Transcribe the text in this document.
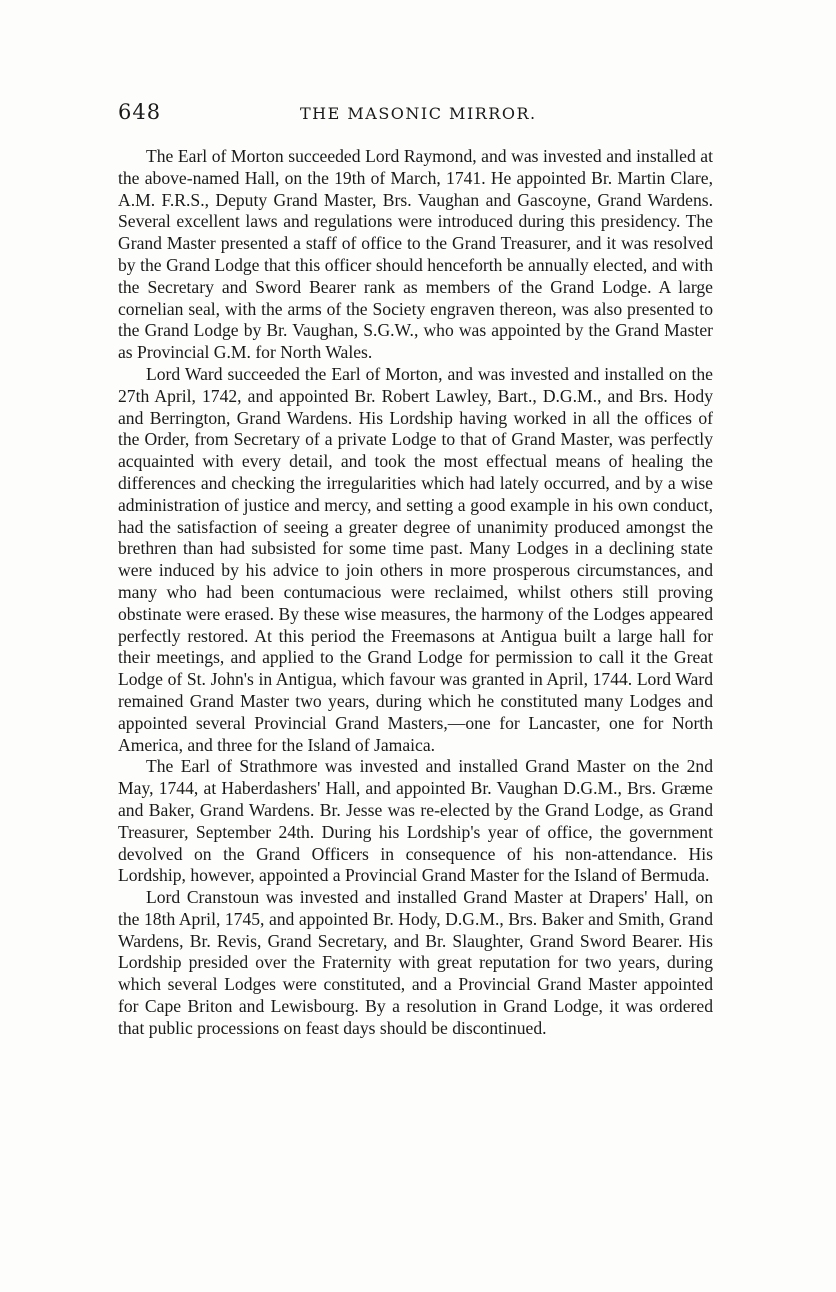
648	THE MASONIC MIRROR.

The Earl of Morton succeeded Lord Raymond, and was invested and installed at the above-named Hall, on the 19th of March, 1741. He appointed Br. Martin Clare, A.M. F.R.S., Deputy Grand Master, Brs. Vaughan and Gascoyne, Grand Wardens. Several excellent laws and regulations were introduced during this presidency. The Grand Master presented a staff of office to the Grand Treasurer, and it was resolved by the Grand Lodge that this officer should henceforth be annually elected, and with the Secretary and Sword Bearer rank as members of the Grand Lodge. A large cornelian seal, with the arms of the Society engraven thereon, was also presented to the Grand Lodge by Br. Vaughan, S.G.W., who was appointed by the Grand Master as Provincial G.M. for North Wales.

Lord Ward succeeded the Earl of Morton, and was invested and installed on the 27th April, 1742, and appointed Br. Robert Lawley, Bart., D.G.M., and Brs. Hody and Berrington, Grand Wardens. His Lordship having worked in all the offices of the Order, from Secretary of a private Lodge to that of Grand Master, was perfectly acquainted with every detail, and took the most effectual means of healing the differences and checking the irregularities which had lately occurred, and by a wise administration of justice and mercy, and setting a good example in his own conduct, had the satisfaction of seeing a greater degree of unanimity produced amongst the brethren than had subsisted for some time past. Many Lodges in a declining state were induced by his advice to join others in more prosperous circumstances, and many who had been contumacious were reclaimed, whilst others still proving obstinate were erased. By these wise measures, the harmony of the Lodges appeared perfectly restored. At this period the Freemasons at Antigua built a large hall for their meetings, and applied to the Grand Lodge for permission to call it the Great Lodge of St. John's in Antigua, which favour was granted in April, 1744. Lord Ward remained Grand Master two years, during which he constituted many Lodges and appointed several Provincial Grand Masters,—one for Lancaster, one for North America, and three for the Island of Jamaica.

The Earl of Strathmore was invested and installed Grand Master on the 2nd May, 1744, at Haberdashers' Hall, and appointed Br. Vaughan D.G.M., Brs. Græme and Baker, Grand Wardens. Br. Jesse was re-elected by the Grand Lodge, as Grand Treasurer, September 24th. During his Lordship's year of office, the government devolved on the Grand Officers in consequence of his non-attendance. His Lordship, however, appointed a Provincial Grand Master for the Island of Bermuda.

Lord Cranstoun was invested and installed Grand Master at Drapers' Hall, on the 18th April, 1745, and appointed Br. Hody, D.G.M., Brs. Baker and Smith, Grand Wardens, Br. Revis, Grand Secretary, and Br. Slaughter, Grand Sword Bearer. His Lordship presided over the Fraternity with great reputation for two years, during which several Lodges were constituted, and a Provincial Grand Master appointed for Cape Briton and Lewisbourg. By a resolution in Grand Lodge, it was ordered that public processions on feast days should be discontinued.
